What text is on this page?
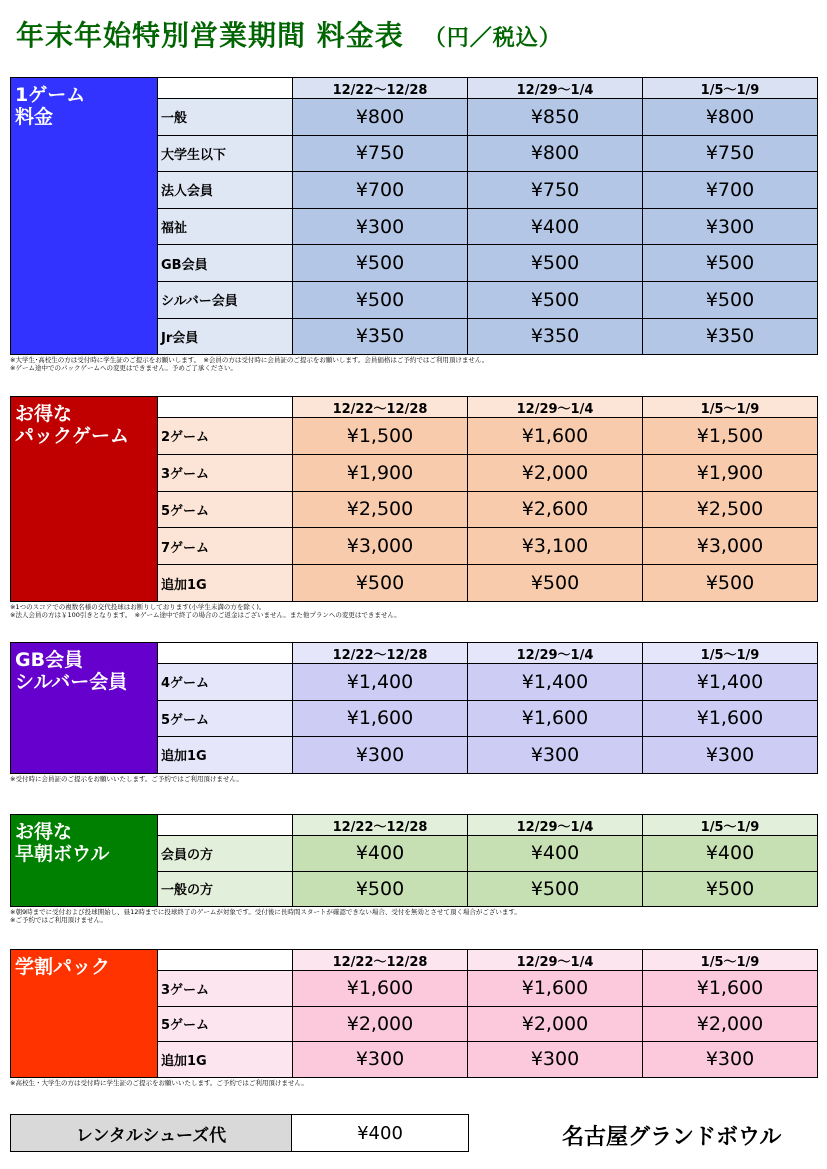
年末年始特別営業期間 料金表 （円／税込）
1ゲーム
料金		12/22〜12/28	12/29〜1/4	1/5〜1/9
	一般	¥800	¥850	¥800
	大学生以下	¥750	¥800	¥750
	法人会員	¥700	¥750	¥700
	福祉	¥300	¥400	¥300
	GB会員	¥500	¥500	¥500
	シルバー会員	¥500	¥500	¥500
	Jr会員	¥350	¥350	¥350
※大学生･高校生の方は受付時に学生証のご提示をお願いします。　※会員の方は受付時に会員証のご提示をお願いします。会員価格はご予約ではご利用頂けません。
※ゲーム途中でのパックゲームへの変更はできません。予めご了承ください。
お得な
パックゲーム		12/22〜12/28	12/29〜1/4	1/5〜1/9
	2ゲーム	¥1,500	¥1,600	¥1,500
	3ゲーム	¥1,900	¥2,000	¥1,900
	5ゲーム	¥2,500	¥2,600	¥2,500
	7ゲーム	¥3,000	¥3,100	¥3,000
	追加1G	¥500	¥500	¥500
※1つのスコアでの複数名様の交代投球はお断りしております(小学生未満の方を除く)。
※法人会員の方は￥100引きとなります。　※ゲーム途中で終了の場合のご返金はございません。また他プランへの変更はできません。
GB会員
シルバー会員		12/22〜12/28	12/29〜1/4	1/5〜1/9
	4ゲーム	¥1,400	¥1,400	¥1,400
	5ゲーム	¥1,600	¥1,600	¥1,600
	追加1G	¥300	¥300	¥300
※受付時に会員証のご提示をお願いいたします。ご予約ではご利用頂けません。
お得な
早朝ボウル		12/22〜12/28	12/29〜1/4	1/5〜1/9
	会員の方	¥400	¥400	¥400
	一般の方	¥500	¥500	¥500
※朝9時までに受付および投球開始し、昼12時までに投球終了のゲームが対象です。受付後に長時間スタートが確認できない場合、受付を無効とさせて頂く場合がございます。
※ご予約ではご利用頂けません。
学割パック		12/22〜12/28	12/29〜1/4	1/5〜1/9
	3ゲーム	¥1,600	¥1,600	¥1,600
	5ゲーム	¥2,000	¥2,000	¥2,000
	追加1G	¥300	¥300	¥300
※高校生・大学生の方は受付時に学生証のご提示をお願いいたします。ご予約ではご利用頂けません。
レンタルシューズ代	¥400	名古屋グランドボウル
